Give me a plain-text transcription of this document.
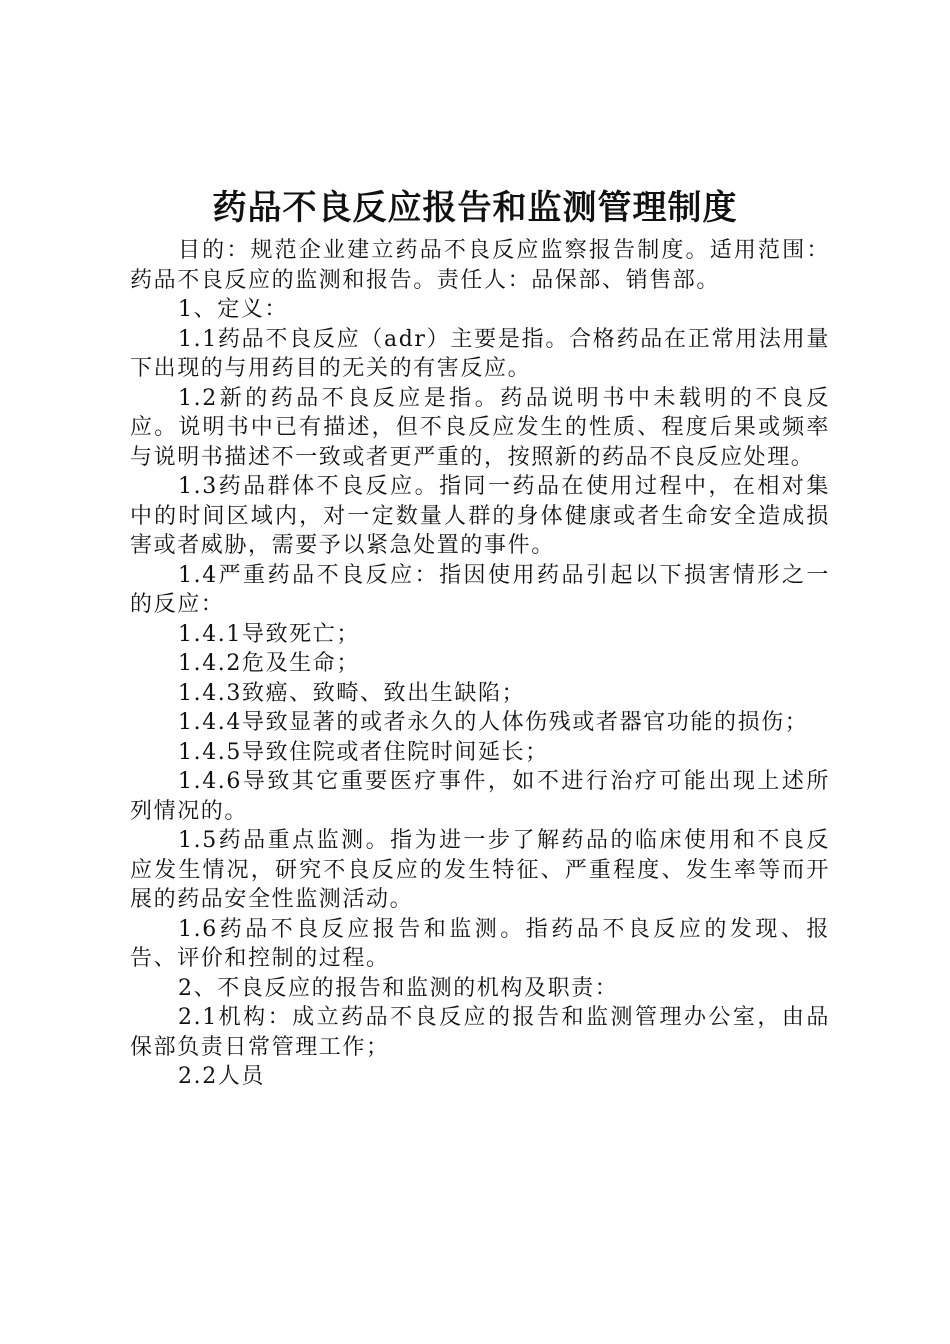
药品不良反应报告和监测管理制度

目的：规范企业建立药品不良反应监察报告制度。适用范围：药品不良反应的监测和报告。责任人：品保部、销售部。

1、定义：

1.1药品不良反应（adr）主要是指。合格药品在正常用法用量下出现的与用药目的无关的有害反应。

1.2新的药品不良反应是指。药品说明书中未载明的不良反应。说明书中已有描述，但不良反应发生的性质、程度后果或频率与说明书描述不一致或者更严重的，按照新的药品不良反应处理。

1.3药品群体不良反应。指同一药品在使用过程中，在相对集中的时间区域内，对一定数量人群的身体健康或者生命安全造成损害或者威胁，需要予以紧急处置的事件。

1.4严重药品不良反应：指因使用药品引起以下损害情形之一的反应：

1.4.1导致死亡；

1.4.2危及生命；

1.4.3致癌、致畸、致出生缺陷；

1.4.4导致显著的或者永久的人体伤残或者器官功能的损伤；

1.4.5导致住院或者住院时间延长；

1.4.6导致其它重要医疗事件，如不进行治疗可能出现上述所列情况的。

1.5药品重点监测。指为进一步了解药品的临床使用和不良反应发生情况，研究不良反应的发生特征、严重程度、发生率等而开展的药品安全性监测活动。

1.6药品不良反应报告和监测。指药品不良反应的发现、报告、评价和控制的过程。

2、不良反应的报告和监测的机构及职责：

2.1机构：成立药品不良反应的报告和监测管理办公室，由品保部负责日常管理工作；

2.2人员
